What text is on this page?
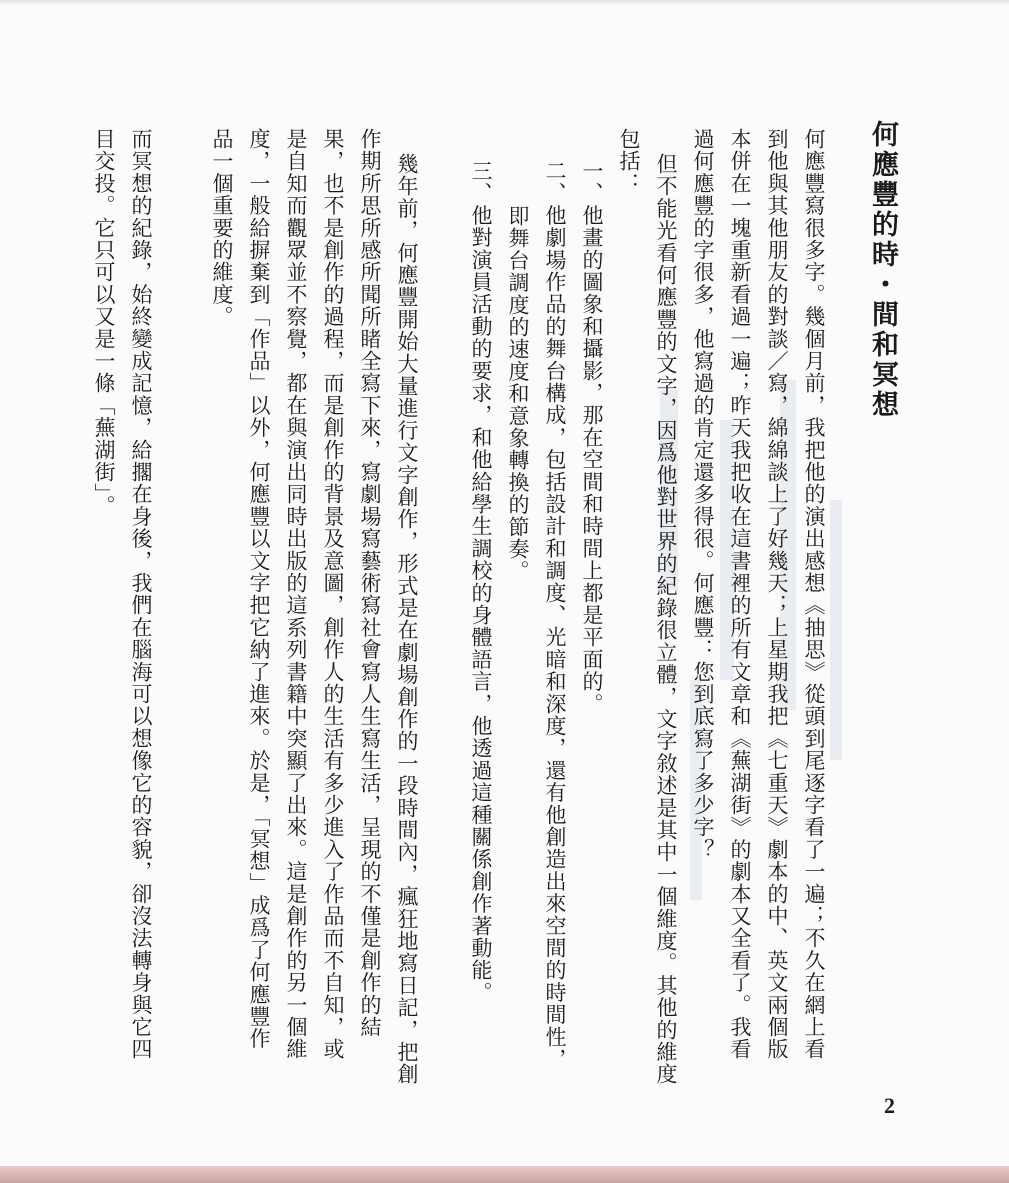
何應豐的時・間和冥想
何應豐寫很多字。幾個月前，我把他的演出感想《抽思》從頭到尾逐字看了一遍；不久在網上看
到他與其他朋友的對談／寫，綿綿談上了好幾天；上星期我把《七重天》劇本的中、英文兩個版
本併在一塊重新看過一遍；昨天我把收在這書裡的所有文章和《蕪湖街》的劇本又全看了。我看
過何應豐的字很多，他寫過的肯定還多得很。何應豐：您到底寫了多少字？
但不能光看何應豐的文字，因爲他對世界的紀錄很立體，文字敘述是其中一個維度。其他的維度
包括：
一、他畫的圖象和攝影，那在空間和時間上都是平面的。
二、他劇場作品的舞台構成，包括設計和調度、光暗和深度，還有他創造出來空間的時間性，
即舞台調度的速度和意象轉換的節奏。
三、他對演員活動的要求，和他給學生調校的身體語言，他透過這種關係創作著動能。
幾年前，何應豐開始大量進行文字創作，形式是在劇場創作的一段時間內，瘋狂地寫日記，把創
作期所思所感所聞所睹全寫下來，寫劇場寫藝術寫社會寫人生寫生活，呈現的不僅是創作的結
果，也不是創作的過程，而是創作的背景及意圖，創作人的生活有多少進入了作品而不自知，或
是自知而觀眾並不察覺，都在與演出同時出版的這系列書籍中突顯了出來。這是創作的另一個維
度，一般給摒棄到「作品」以外，何應豐以文字把它納了進來。於是，「冥想」成爲了何應豐作
品一個重要的維度。
而冥想的紀錄，始終變成記憶，給擱在身後，我們在腦海可以想像它的容貌，卻沒法轉身與它四
目交投。它只可以又是一條「蕪湖街」。
2
